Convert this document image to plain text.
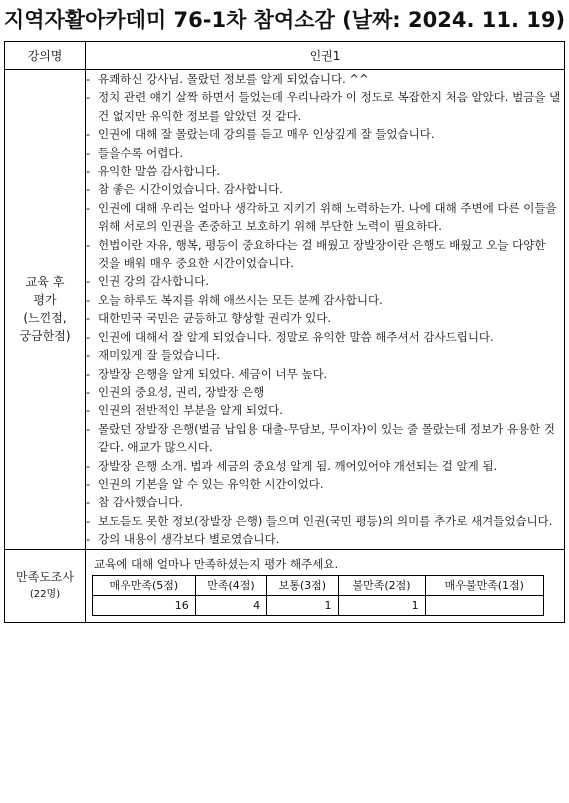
지역자활아카데미 76-1차 참여소감 (날짜: 2024. 11. 19)
강의명	인권1

교육 후
평가
(느낀점,
궁금한점)

- 유쾌하신 강사님. 몰랐던 정보를 알게 되었습니다. ^^
- 정치 관련 얘기 살짝 하면서 들었는데 우리나라가 이 정도로 복잡한지 처음 알았다. 벌금을 낼 건 없지만 유익한 정보를 알았던 것 같다.
- 인권에 대해 잘 몰랐는데 강의를 듣고 매우 인상깊게 잘 들었습니다.
- 들을수록 어렵다.
- 유익한 말씀 감사합니다.
- 참 좋은 시간이었습니다. 감사합니다.
- 인권에 대해 우리는 얼마나 생각하고 지키기 위해 노력하는가. 나에 대해 주변에 다른 이들을 위해 서로의 인권을 존중하고 보호하기 위해 부단한 노력이 필요하다.
- 헌법이란 자유, 행복, 평등이 중요하다는 걸 배웠고 장발장이란 은행도 배웠고 오늘 다양한 것을 배워 매우 중요한 시간이었습니다.
- 인권 강의 감사합니다.
- 오늘 하루도 복지를 위해 애쓰시는 모든 분께 감사합니다.
- 대한민국 국민은 균등하고 향상할 권리가 있다.
- 인권에 대해서 잘 알게 되었습니다. 정말로 유익한 말씀 해주셔서 감사드립니다.
- 재미있게 잘 들었습니다.
- 장발장 은행을 알게 되었다. 세금이 너무 높다.
- 인권의 중요성, 권리, 장발장 은행
- 인권의 전반적인 부분을 알게 되었다.
- 몰랐던 장발장 은행(벌금 납입용 대출-무담보, 무이자)이 있는 줄 몰랐는데 정보가 유용한 것 같다. 애교가 많으시다.
- 장발장 은행 소개. 법과 세금의 중요성 알게 됨. 깨어있어야 개선되는 걸 알게 됨.
- 인권의 기본을 알 수 있는 유익한 시간이었다.
- 참 감사했습니다.
- 보도듣도 못한 정보(장발장 은행) 들으며 인권(국민 평등)의 의미를 추가로 새겨들었습니다.
- 강의 내용이 생각보다 별로였습니다.

만족도조사
(22명)

교육에 대해 얼마나 만족하셨는지 평가 해주세요.
매우만족(5점)	만족(4점)	보통(3점)	불만족(2점)	매우불만족(1점)
16	4	1	1	
